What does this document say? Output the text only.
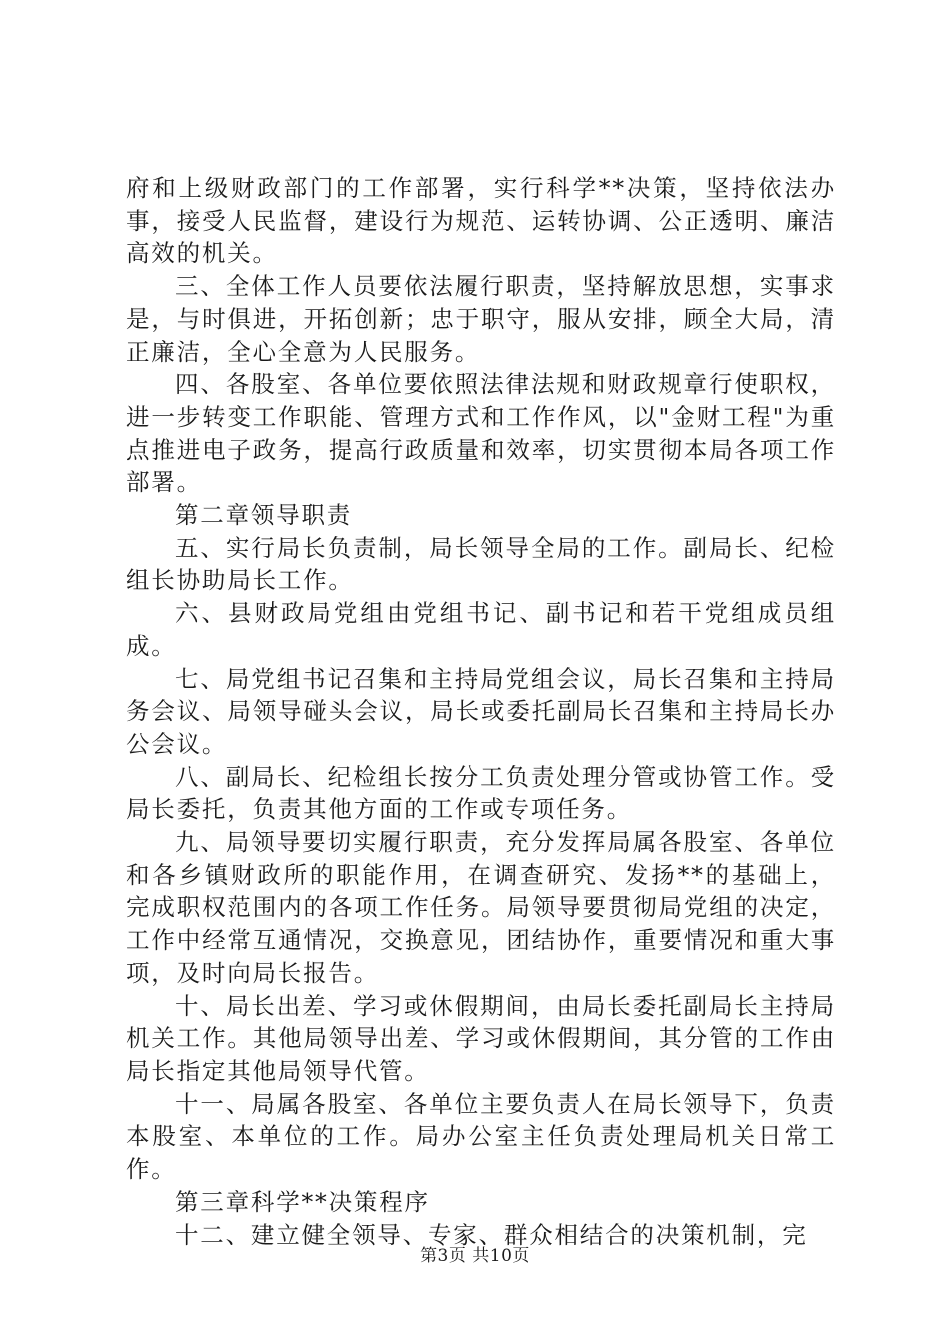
府和上级财政部门的工作部署，实行科学**决策，坚持依法办事，接受人民监督，建设行为规范、运转协调、公正透明、廉洁高效的机关。

三、全体工作人员要依法履行职责，坚持解放思想，实事求是，与时俱进，开拓创新；忠于职守，服从安排，顾全大局，清正廉洁，全心全意为人民服务。

四、各股室、各单位要依照法律法规和财政规章行使职权，进一步转变工作职能、管理方式和工作作风，以"金财工程"为重点推进电子政务，提高行政质量和效率，切实贯彻本局各项工作部署。

第二章领导职责

五、实行局长负责制，局长领导全局的工作。副局长、纪检组长协助局长工作。

六、县财政局党组由党组书记、副书记和若干党组成员组成。

七、局党组书记召集和主持局党组会议，局长召集和主持局务会议、局领导碰头会议，局长或委托副局长召集和主持局长办公会议。

八、副局长、纪检组长按分工负责处理分管或协管工作。受局长委托，负责其他方面的工作或专项任务。

九、局领导要切实履行职责，充分发挥局属各股室、各单位和各乡镇财政所的职能作用，在调查研究、发扬**的基础上，完成职权范围内的各项工作任务。局领导要贯彻局党组的决定，工作中经常互通情况，交换意见，团结协作，重要情况和重大事项，及时向局长报告。

十、局长出差、学习或休假期间，由局长委托副局长主持局机关工作。其他局领导出差、学习或休假期间，其分管的工作由局长指定其他局领导代管。

十一、局属各股室、各单位主要负责人在局长领导下，负责本股室、本单位的工作。局办公室主任负责处理局机关日常工作。

第三章科学**决策程序

十二、建立健全领导、专家、群众相结合的决策机制，完

第3页 共10页
